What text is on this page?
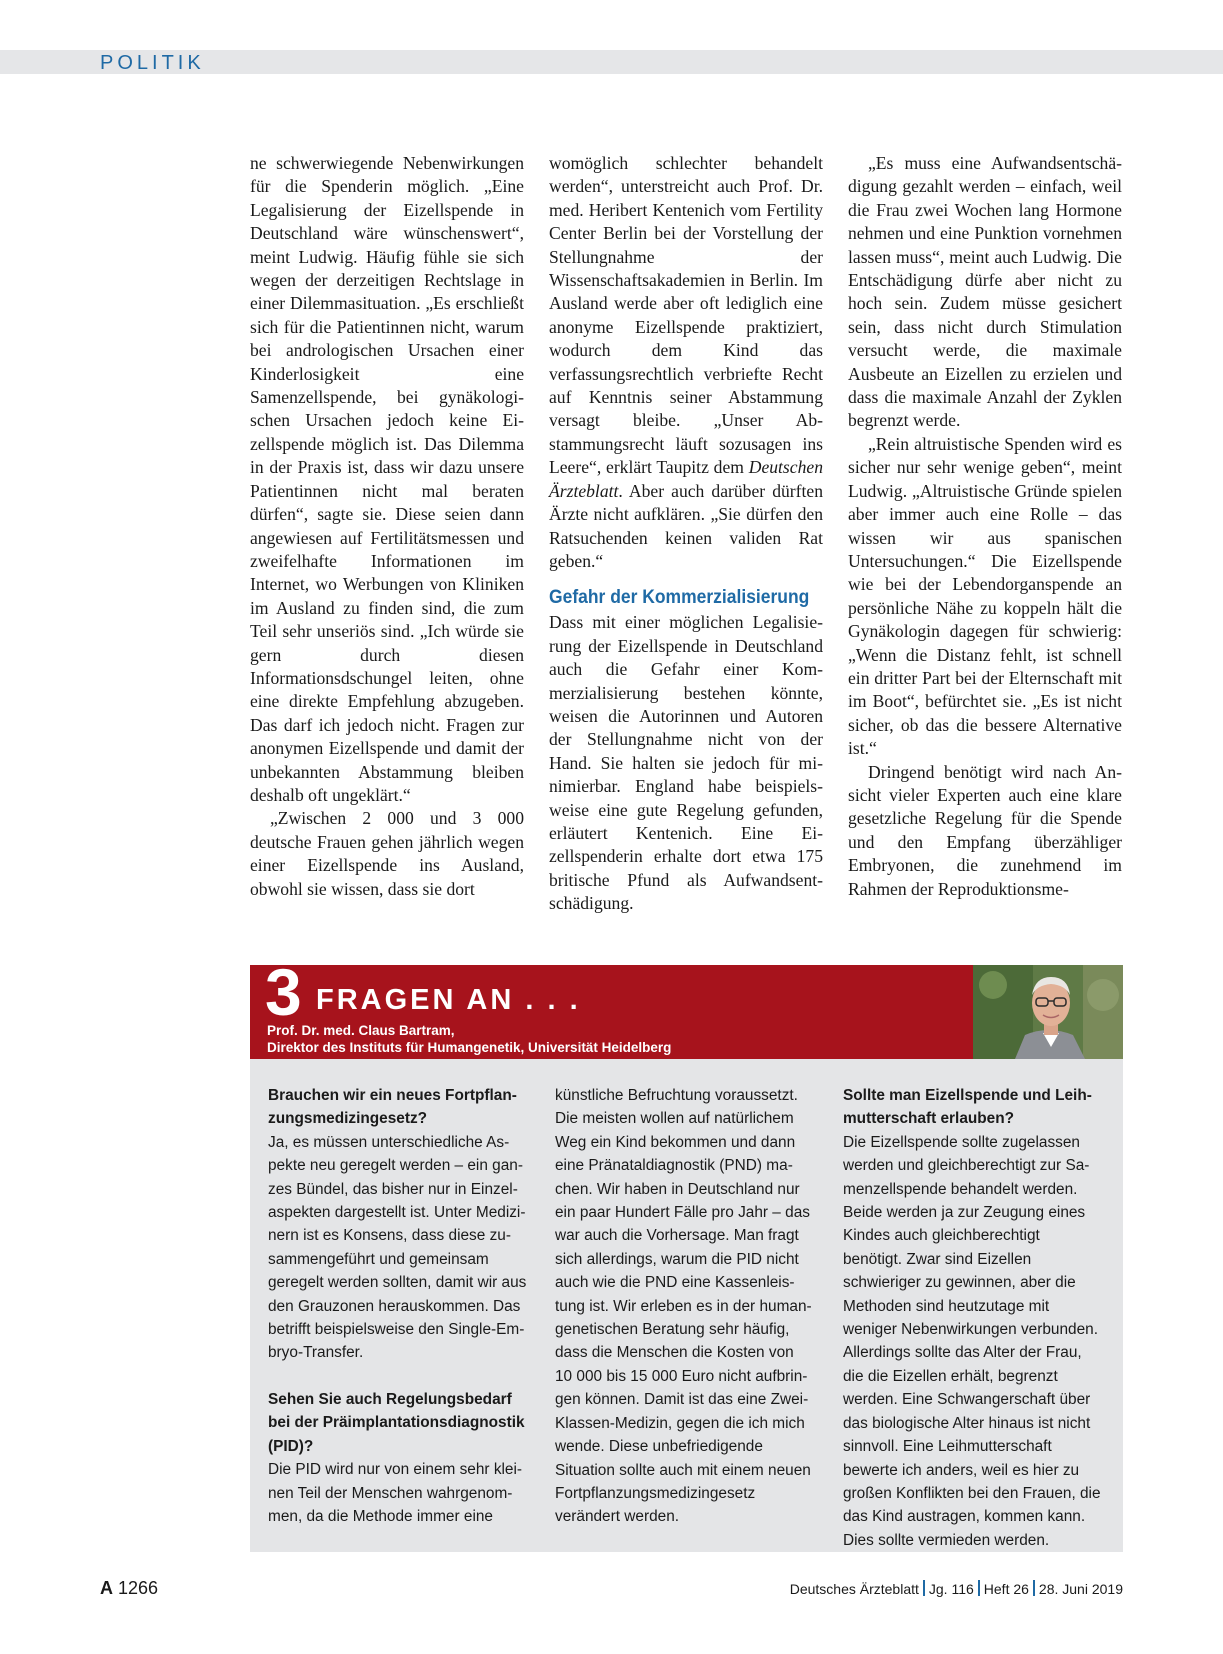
POLITIK

ne schwerwiegende Nebenwirkungen für die Spenderin möglich. „Eine Legalisierung der Eizellspende in Deutschland wäre wünschenswert“, meint Ludwig. Häufig fühle sie sich wegen der derzeitigen Rechtslage in einer Dilemmasituation. „Es erschließt sich für die Patientinnen nicht, warum bei andrologischen Ursachen einer Kinderlosigkeit eine Samenzellspende, bei gynäkologischen Ursachen jedoch keine Eizellspende möglich ist. Das Dilemma in der Praxis ist, dass wir dazu unsere Patientinnen nicht mal beraten dürfen“, sagte sie. Diese seien dann angewiesen auf Fertilitätsmessen und zweifelhafte Informationen im Internet, wo Werbungen von Kliniken im Ausland zu finden sind, die zum Teil sehr unseriös sind. „Ich würde sie gern durch diesen Informationsdschungel leiten, ohne eine direkte Empfehlung abzugeben. Das darf ich jedoch nicht. Fragen zur anonymen Eizellspende und damit der unbekannten Abstammung bleiben deshalb oft ungeklärt.“

„Zwischen 2 000 und 3 000 deutsche Frauen gehen jährlich wegen einer Eizellspende ins Ausland, obwohl sie wissen, dass sie dort

womöglich schlechter behandelt werden“, unterstreicht auch Prof. Dr. med. Heribert Kentenich vom Fertility Center Berlin bei der Vorstellung der Stellungnahme der Wissenschaftsakademien in Berlin. Im Ausland werde aber oft lediglich eine anonyme Eizellspende praktiziert, wodurch dem Kind das verfassungsrechtlich verbriefte Recht auf Kenntnis seiner Abstammung versagt bleibe. „Unser Abstammungsrecht läuft sozusagen ins Leere“, erklärt Taupitz dem Deutschen Ärzteblatt. Aber auch darüber dürften Ärzte nicht aufklären. „Sie dürfen den Ratsuchenden keinen validen Rat geben.“

Gefahr der Kommerzialisierung

Dass mit einer möglichen Legalisierung der Eizellspende in Deutschland auch die Gefahr einer Kommerzialisierung bestehen könnte, weisen die Autorinnen und Autoren der Stellungnahme nicht von der Hand. Sie halten sie jedoch für minimierbar. England habe beispielsweise eine gute Regelung gefunden, erläutert Kentenich. Eine Eizellspenderin erhalte dort etwa 175 britische Pfund als Aufwandsentschädigung.

„Es muss eine Aufwandsentschädigung gezahlt werden – einfach, weil die Frau zwei Wochen lang Hormone nehmen und eine Punktion vornehmen lassen muss“, meint auch Ludwig. Die Entschädigung dürfe aber nicht zu hoch sein. Zudem müsse gesichert sein, dass nicht durch Stimulation versucht werde, die maximale Ausbeute an Eizellen zu erzielen und dass die maximale Anzahl der Zyklen begrenzt werde.

„Rein altruistische Spenden wird es sicher nur sehr wenige geben“, meint Ludwig. „Altruistische Gründe spielen aber immer auch eine Rolle – das wissen wir aus spanischen Untersuchungen.“ Die Eizellspende wie bei der Lebendorganspende an persönliche Nähe zu koppeln hält die Gynäkologin dagegen für schwierig: „Wenn die Distanz fehlt, ist schnell ein dritter Part bei der Elternschaft mit im Boot“, befürchtet sie. „Es ist nicht sicher, ob das die bessere Alternative ist.“

Dringend benötigt wird nach Ansicht vieler Experten auch eine klare gesetzliche Regelung für die Spende und den Empfang überzähliger Embryonen, die zunehmend im Rahmen der Reproduktionsme-

3 FRAGEN AN . . .
Prof. Dr. med. Claus Bartram,
Direktor des Instituts für Humangenetik, Universität Heidelberg

Brauchen wir ein neues Fortpflanzungsmedizingesetz?

Ja, es müssen unterschiedliche Aspekte neu geregelt werden – ein ganzes Bündel, das bisher nur in Einzelaspekten dargestellt ist. Unter Medizinern ist es Konsens, dass diese zusammengeführt und gemeinsam geregelt werden sollten, damit wir aus den Grauzonen herauskommen. Das betrifft beispielsweise den Single-Embryo-Transfer.

Sehen Sie auch Regelungsbedarf bei der Präimplantationsdiagnostik (PID)?

Die PID wird nur von einem sehr kleinen Teil der Menschen wahrgenommen, da die Methode immer eine

künstliche Befruchtung voraussetzt. Die meisten wollen auf natürlichem Weg ein Kind bekommen und dann eine Pränataldiagnostik (PND) machen. Wir haben in Deutschland nur ein paar Hundert Fälle pro Jahr – das war auch die Vorhersage. Man fragt sich allerdings, warum die PID nicht auch wie die PND eine Kassenleistung ist. Wir erleben es in der humangenetischen Beratung sehr häufig, dass die Menschen die Kosten von 10 000 bis 15 000 Euro nicht aufbringen können. Damit ist das eine Zwei-Klassen-Medizin, gegen die ich mich wende. Diese unbefriedigende Situation sollte auch mit einem neuen Fortpflanzungsmedizingesetz verändert werden.

Sollte man Eizellspende und Leihmutterschaft erlauben?

Die Eizellspende sollte zugelassen werden und gleichberechtigt zur Samenzellspende behandelt werden. Beide werden ja zur Zeugung eines Kindes auch gleichberechtigt benötigt. Zwar sind Eizellen schwieriger zu gewinnen, aber die Methoden sind heutzutage mit weniger Nebenwirkungen verbunden. Allerdings sollte das Alter der Frau, die die Eizellen erhält, begrenzt werden. Eine Schwangerschaft über das biologische Alter hinaus ist nicht sinnvoll. Eine Leihmutterschaft bewerte ich anders, weil es hier zu großen Konflikten bei den Frauen, die das Kind austragen, kommen kann. Dies sollte vermieden werden.

A 1266	Deutsches Ärzteblatt Jg. 116 Heft 26 28. Juni 2019
